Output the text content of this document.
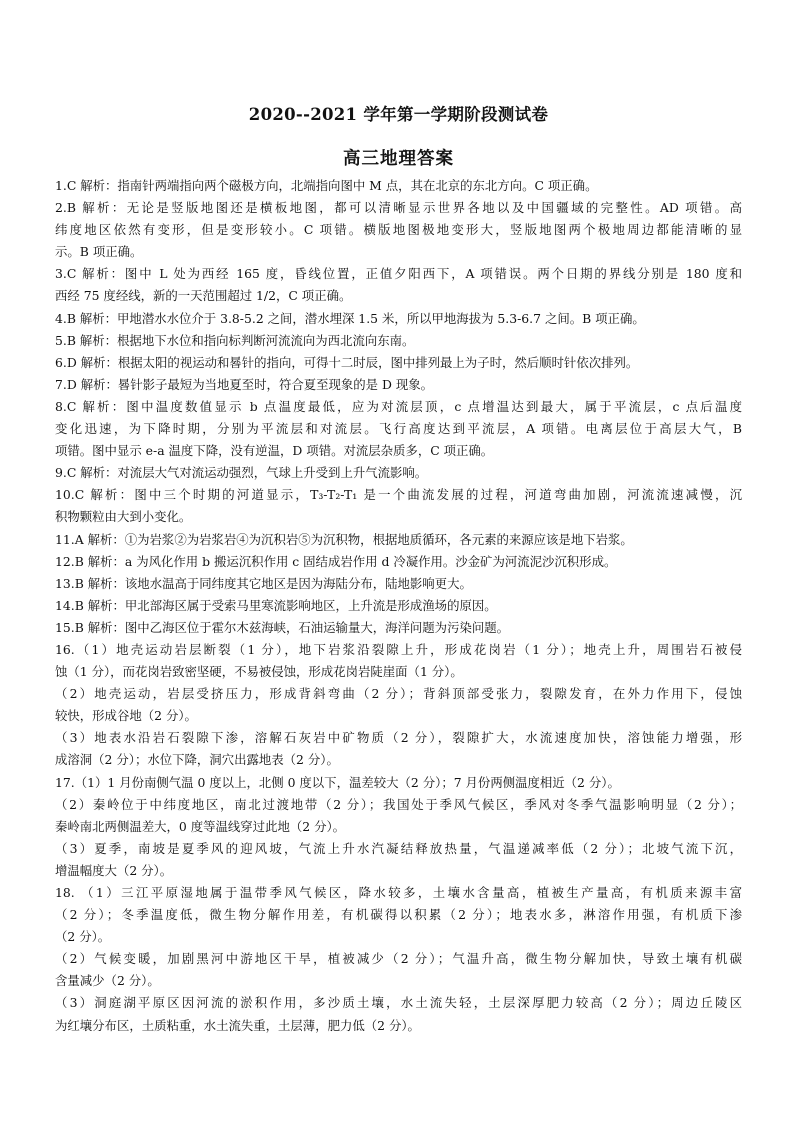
2020--2021 学年第一学期阶段测试卷
高三地理答案
1.C 解析：指南针两端指向两个磁极方向，北端指向图中 M 点，其在北京的东北方向。C 项正确。
2.B 解析：无论是竖版地图还是横板地图，都可以清晰显示世界各地以及中国疆域的完整性。AD 项错。高
纬度地区依然有变形，但是变形较小。C 项错。横版地图极地变形大，竖版地图两个极地周边都能清晰的显
示。B 项正确。
3.C 解析：图中 L 处为西经 165 度，昏线位置，正值夕阳西下，A 项错误。两个日期的界线分别是 180 度和
西经 75 度经线，新的一天范围超过 1/2，C 项正确。
4.B 解析：甲地潜水水位介于 3.8-5.2 之间，潜水埋深 1.5 米，所以甲地海拔为 5.3-6.7 之间。B 项正确。
5.B 解析：根据地下水位和指向标判断河流流向为西北流向东南。
6.D 解析：根据太阳的视运动和晷针的指向，可得十二时辰，图中排列最上为子时，然后顺时针依次排列。
7.D 解析：晷针影子最短为当地夏至时，符合夏至现象的是 D 现象。
8.C 解析：图中温度数值显示 b 点温度最低，应为对流层顶，c 点增温达到最大，属于平流层，c 点后温度
变化迅速，为下降时期，分别为平流层和对流层。飞行高度达到平流层，A 项错。电离层位于高层大气，B
项错。图中显示 e-a 温度下降，没有逆温，D 项错。对流层杂质多，C 项正确。
9.C 解析：对流层大气对流运动强烈，气球上升受到上升气流影响。
10.C 解析：图中三个时期的河道显示，T₃-T₂-T₁ 是一个曲流发展的过程，河道弯曲加剧，河流流速减慢，沉
积物颗粒由大到小变化。
11.A 解析：①为岩浆②为岩浆岩④为沉积岩⑤为沉积物，根据地质循环，各元素的来源应该是地下岩浆。
12.B 解析：a 为风化作用 b 搬运沉积作用 c 固结成岩作用 d 冷凝作用。沙金矿为河流泥沙沉积形成。
13.B 解析：该地水温高于同纬度其它地区是因为海陆分布，陆地影响更大。
14.B 解析：甲北部海区属于受索马里寒流影响地区，上升流是形成渔场的原因。
15.B 解析：图中乙海区位于霍尔木兹海峡，石油运输量大，海洋问题为污染问题。
16.（1）地壳运动岩层断裂（1 分），地下岩浆沿裂隙上升，形成花岗岩（1 分）；地壳上升，周围岩石被侵
蚀（1 分），而花岗岩致密坚硬，不易被侵蚀，形成花岗岩陡崖面（1 分）。
（2）地壳运动，岩层受挤压力，形成背斜弯曲（2 分）；背斜顶部受张力，裂隙发育，在外力作用下，侵蚀
较快，形成谷地（2 分）。
（3）地表水沿岩石裂隙下渗，溶解石灰岩中矿物质（2 分），裂隙扩大，水流速度加快，溶蚀能力增强，形
成溶洞（2 分）；水位下降，洞穴出露地表（2 分）。
17.（1）1 月份南侧气温 0 度以上，北侧 0 度以下，温差较大（2 分）；7 月份两侧温度相近（2 分）。
（2）秦岭位于中纬度地区，南北过渡地带（2 分）；我国处于季风气候区，季风对冬季气温影响明显（2 分）；
秦岭南北两侧温差大，0 度等温线穿过此地（2 分）。
（3）夏季，南坡是夏季风的迎风坡，气流上升水汽凝结释放热量，气温递减率低（2 分）；北坡气流下沉，
增温幅度大（2 分）。
18. （1）三江平原湿地属于温带季风气候区，降水较多，土壤水含量高，植被生产量高，有机质来源丰富
（2 分）；冬季温度低，微生物分解作用差，有机碳得以积累（2 分）；地表水多，淋溶作用强，有机质下渗
（2 分）。
（2）气候变暖，加剧黑河中游地区干旱，植被减少（2 分）；气温升高，微生物分解加快，导致土壤有机碳
含量减少（2 分）。
（3）洞庭湖平原区因河流的淤积作用，多沙质土壤，水土流失轻，土层深厚肥力较高（2 分）；周边丘陵区
为红壤分布区，土质粘重，水土流失重，土层薄，肥力低（2 分）。
